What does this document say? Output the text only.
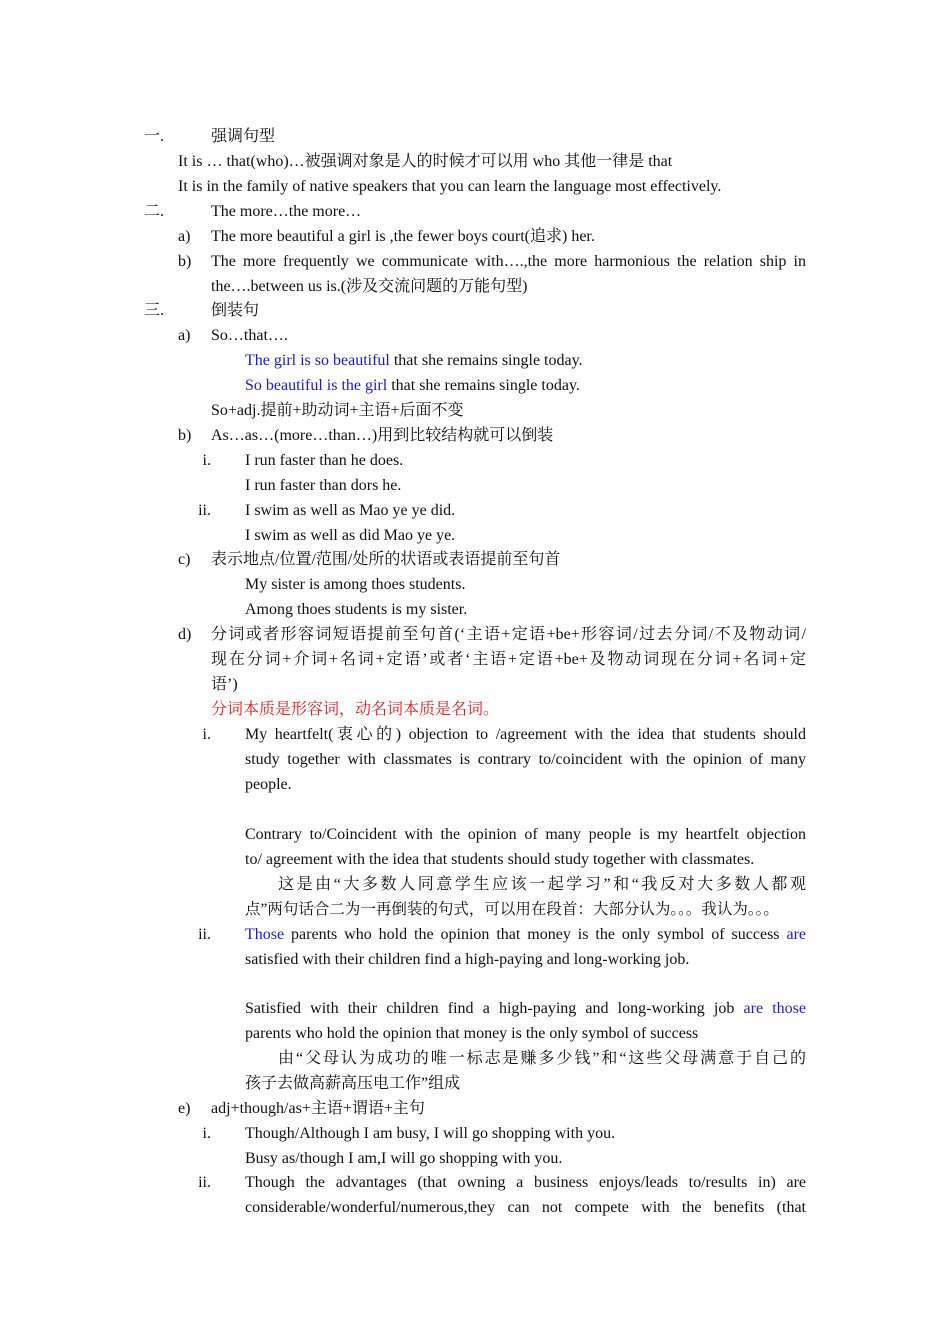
一.	强调句型
It is … that(who)…被强调对象是人的时候才可以用 who 其他一律是 that
It is in the family of native speakers that you can learn the language most effectively.
二.	The more…the more…
a) The more beautiful a girl is ,the fewer boys court(追求) her.
b) The more frequently we communicate with….,the more harmonious the relation ship in
the….between us is.(涉及交流问题的万能句型)
三.	倒装句
a) So…that….
The girl is so beautiful that she remains single today.
So beautiful is the girl that she remains single today.
So+adj.提前+助动词+主语+后面不变
b) As…as…(more…than…)用到比较结构就可以倒装
i. I run faster than he does.
I run faster than dors he.
ii. I swim as well as Mao ye ye did.
I swim as well as did Mao ye ye.
c) 表示地点/位置/范围/处所的状语或表语提前至句首
My sister is among thoes students.
Among thoes students is my sister.
d) 分词或者形容词短语提前至句首(‘主语+定语+be+形容词/过去分词/不及物动词/
现在分词+介词+名词+定语’或者‘主语+定语+be+及物动词现在分词+名词+定
语’)
分词本质是形容词，动名词本质是名词。
i. My heartfelt(衷心的) objection to /agreement with the idea that students should
study together with classmates is contrary to/coincident with the opinion of many
people.
Contrary to/Coincident with the opinion of many people is my heartfelt objection
to/ agreement with the idea that students should study together with classmates.
这是由“大多数人同意学生应该一起学习”和“我反对大多数人都观
点”两句话合二为一再倒装的句式，可以用在段首：大部分认为。。。我认为。。。
ii. Those parents who hold the opinion that money is the only symbol of success are
satisfied with their children find a high-paying and long-working job.
Satisfied with their children find a high-paying and long-working job are those
parents who hold the opinion that money is the only symbol of success
由“父母认为成功的唯一标志是赚多少钱”和“这些父母满意于自己的
孩子去做高薪高压电工作”组成
e) adj+though/as+主语+谓语+主句
i. Though/Although I am busy, I will go shopping with you.
Busy as/though I am,I will go shopping with you.
ii. Though the advantages (that owning a business enjoys/leads to/results in) are
considerable/wonderful/numerous,they can not compete with the benefits (that
